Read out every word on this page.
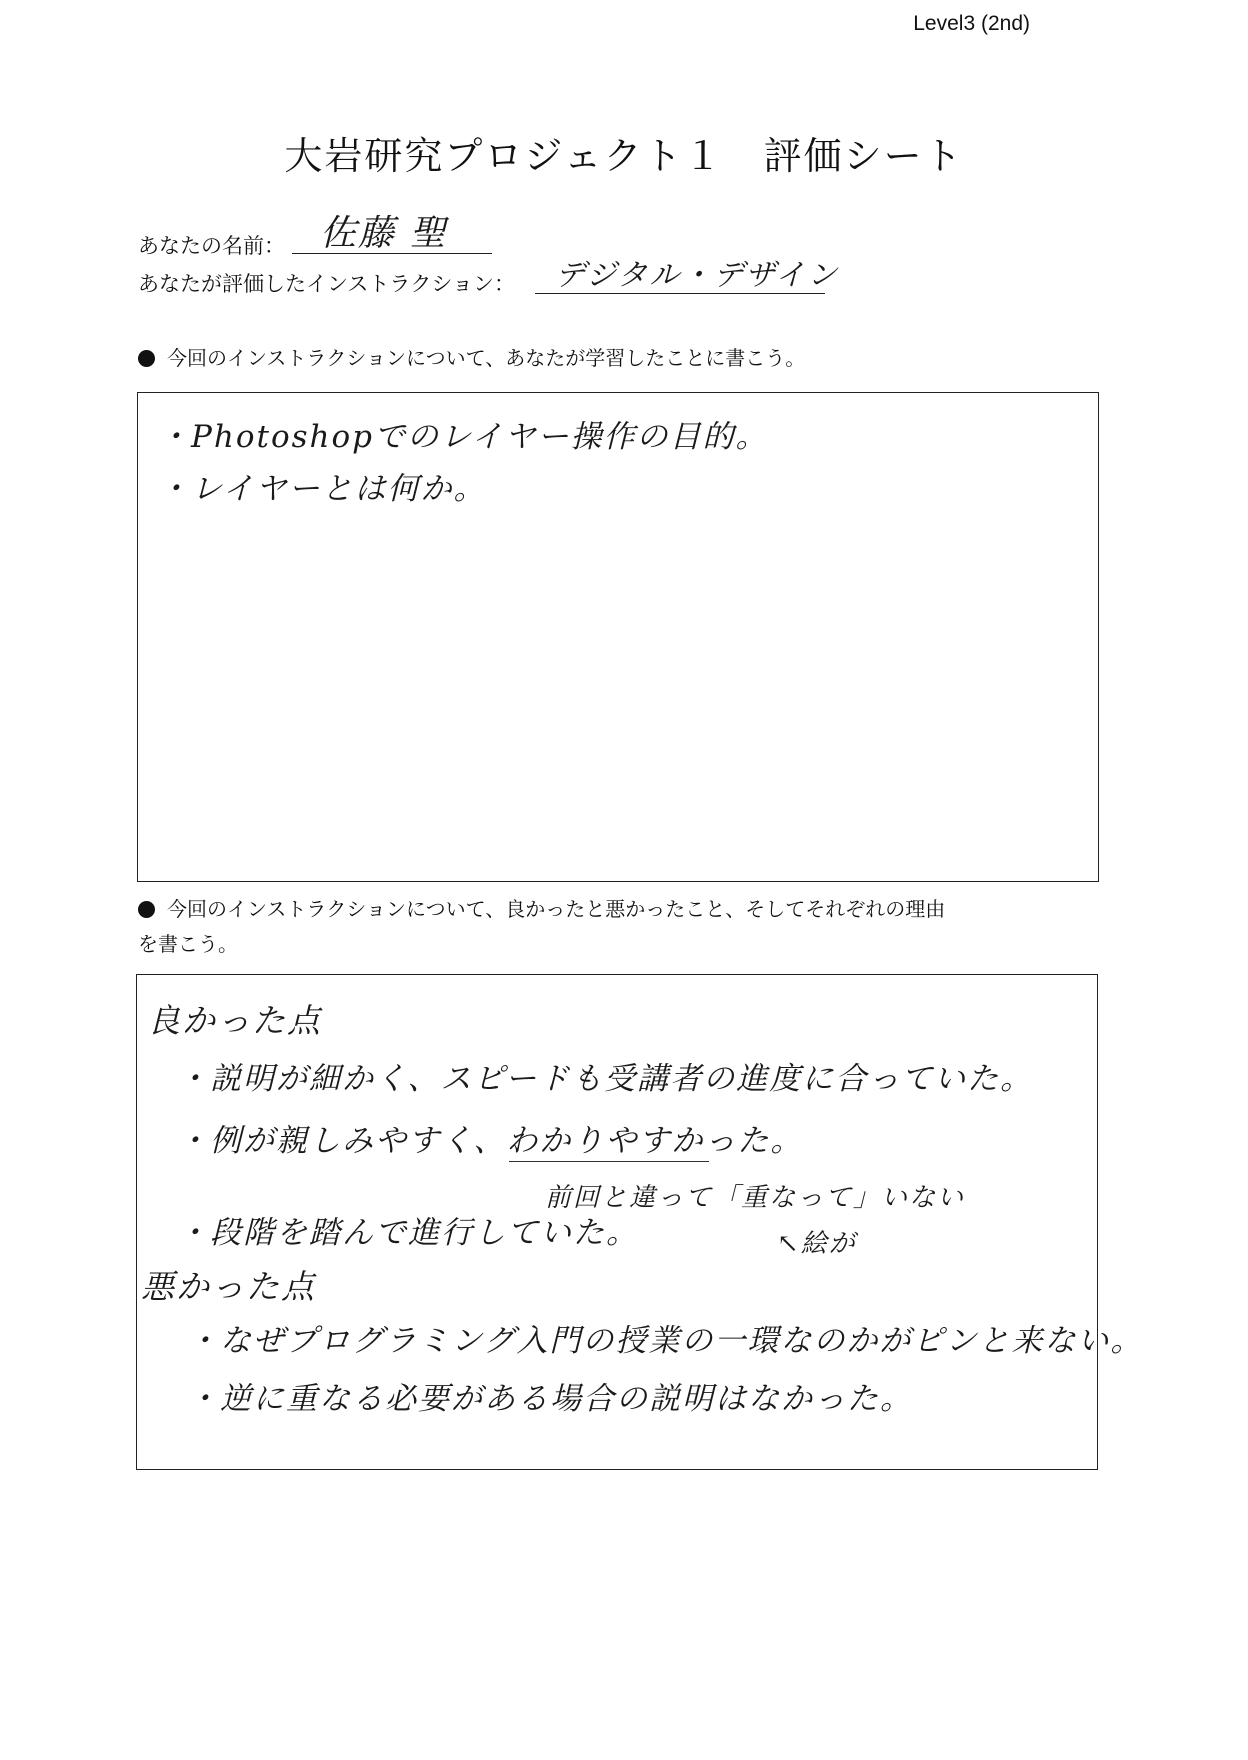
Level3 (2nd)
大岩研究プロジェクト１　評価シート
あなたの名前： 佐藤 聖
あなたが評価したインストラクション： デジタル・デザイン
今回のインストラクションについて、あなたが学習したことに書こう。
・Photoshopでのレイヤー操作の目的。
・レイヤーとは何か。
今回のインストラクションについて、良かったと悪かったこと、そしてそれぞれの理由
を書こう。
良かった点
・説明が細かく、スピードも受講者の進度に合っていた。
・例が親しみやすく、わかりやすかった。
前回と違って「重なって」いない
・段階を踏んで進行していた。	↖絵が
悪かった点
・なぜプログラミング入門の授業の一環なのかがピンと来ない。
・逆に重なる必要がある場合の説明はなかった。
